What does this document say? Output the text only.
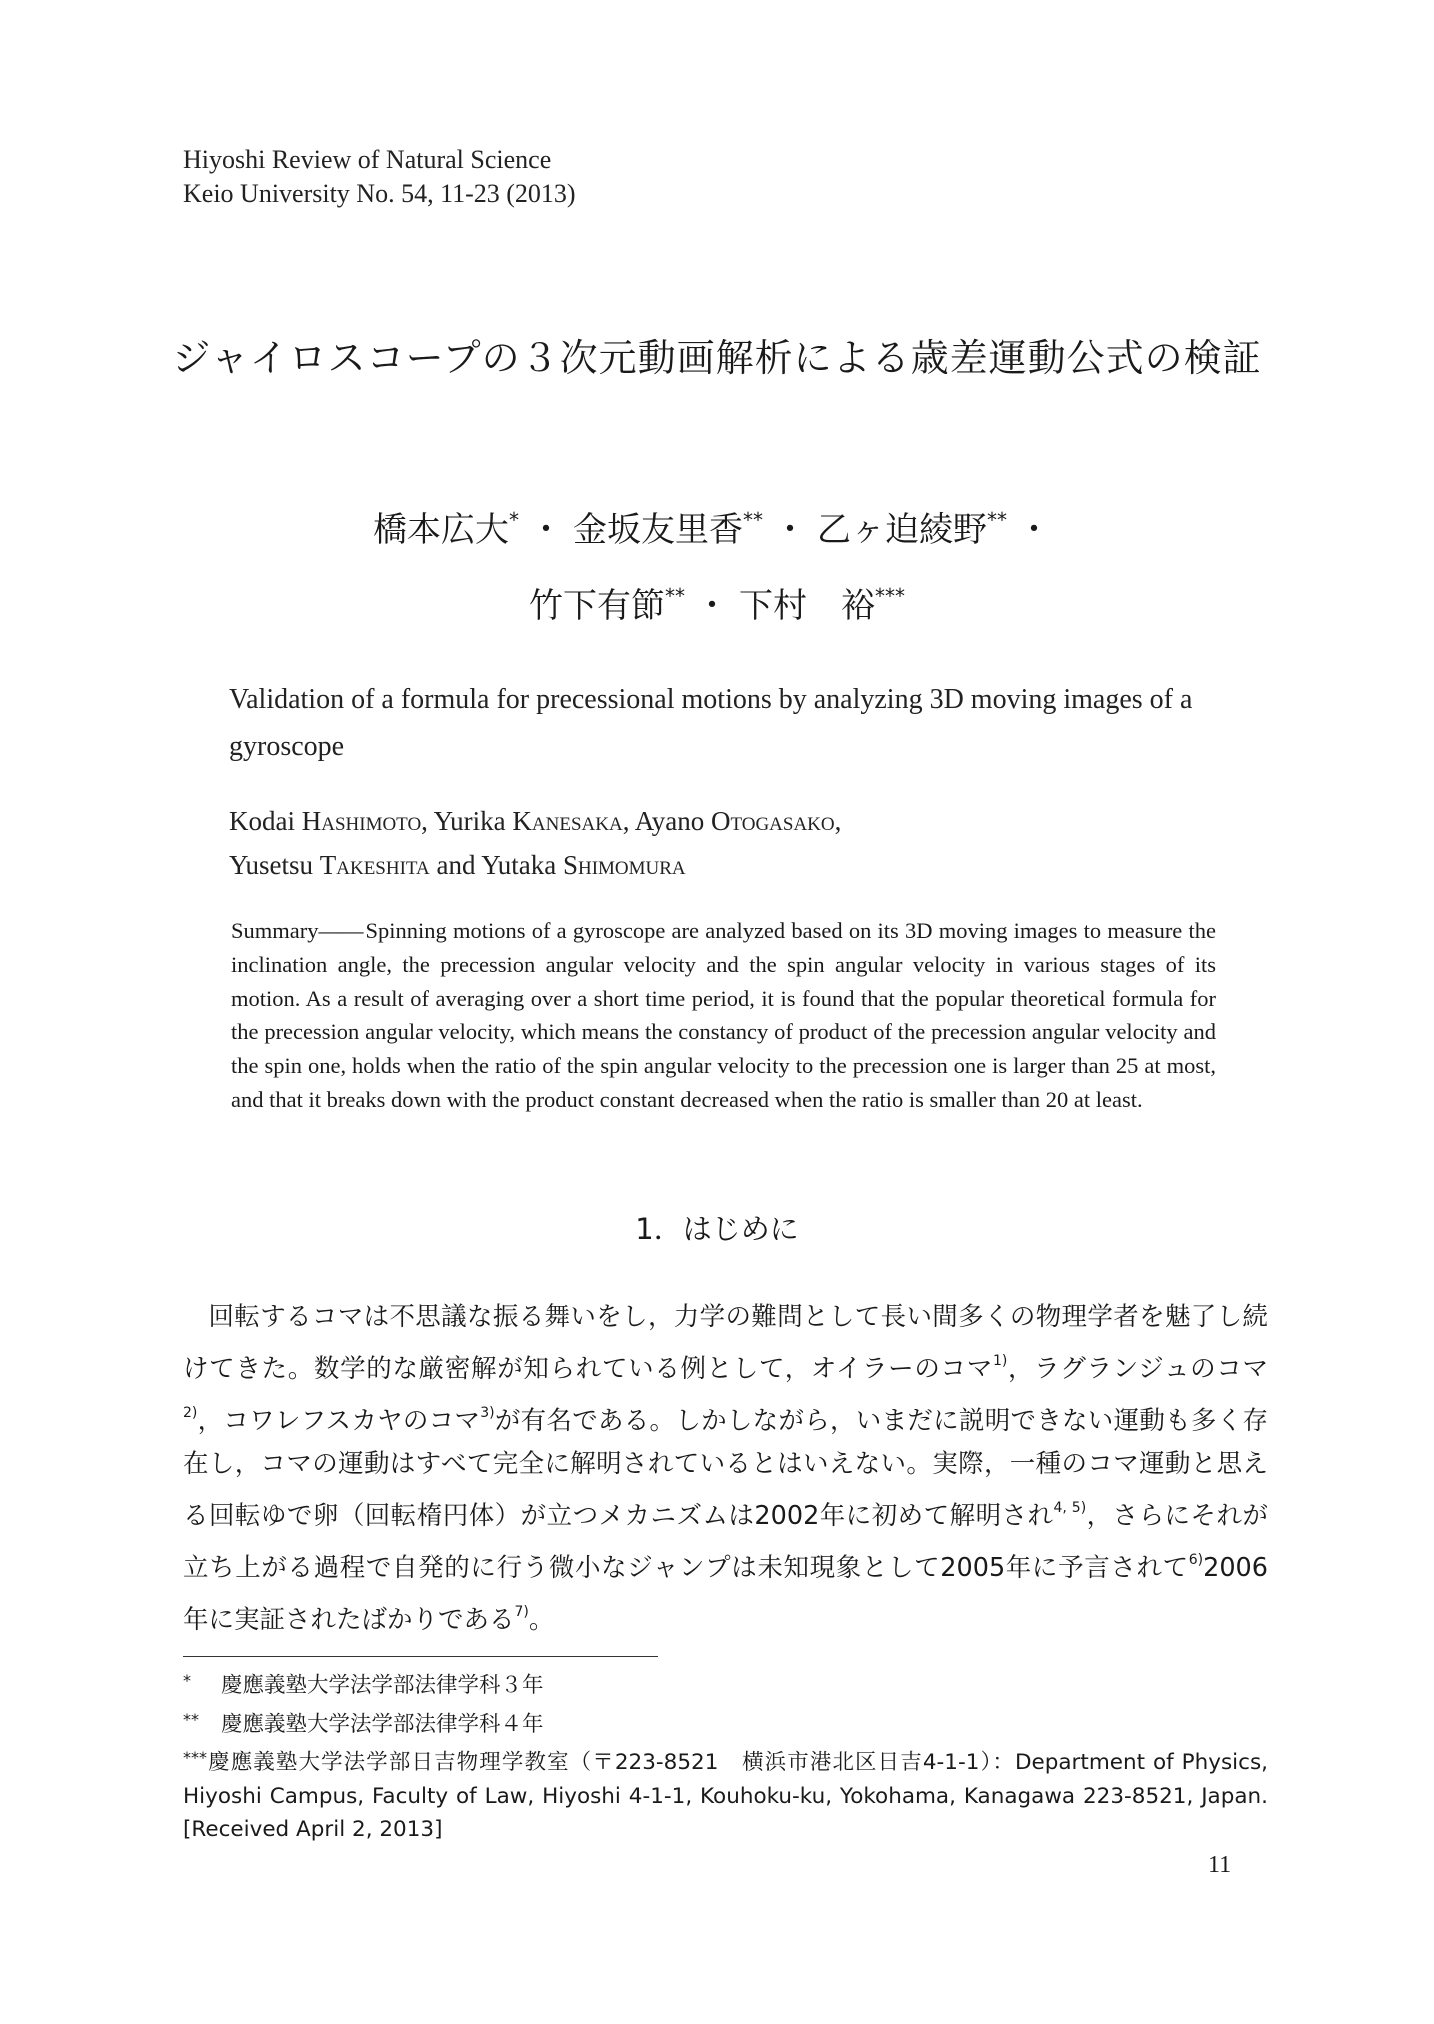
Hiyoshi Review of Natural Science
Keio University No. 54, 11-23 (2013)
ジャイロスコープの３次元動画解析による歳差運動公式の検証
橋本広大* ・ 金坂友里香** ・ 乙ヶ迫綾野** ・
竹下有節** ・ 下村　裕***
Validation of a formula for precessional motions by analyzing 3D moving images of a gyroscope
Kodai Hashimoto, Yurika Kanesaka, Ayano Otogasako,
Yusetsu Takeshita and Yutaka Shimomura
Summary――Spinning motions of a gyroscope are analyzed based on its 3D moving images to measure the inclination angle, the precession angular velocity and the spin angular velocity in various stages of its motion. As a result of averaging over a short time period, it is found that the popular theoretical formula for the precession angular velocity, which means the constancy of product of the precession angular velocity and the spin one, holds when the ratio of the spin angular velocity to the precession one is larger than 25 at most, and that it breaks down with the product constant decreased when the ratio is smaller than 20 at least.
1．はじめに

回転するコマは不思議な振る舞いをし，力学の難問として長い間多くの物理学者を魅了し続けてきた。数学的な厳密解が知られている例として，オイラーのコマ$^{1)}$，ラグランジュのコマ$^{2)}$，コワレフスカヤのコマ$^{3)}$が有名である。しかしながら，いまだに説明できない運動も多く存在し，コマの運動はすべて完全に解明されているとはいえない。実際，一種のコマ運動と思える回転ゆで卵（回転楕円体）が立つメカニズムは2002年に初めて解明され$^{4, 5)}$，さらにそれが立ち上がる過程で自発的に行う微小なジャンプは未知現象として2005年に予言されて$^{6)}$2006年に実証されたばかりである$^{7)}$。

* 慶應義塾大学法学部法律学科３年
** 慶應義塾大学法学部法律学科４年
***慶應義塾大学法学部日吉物理学教室（〒223-8521　横浜市港北区日吉4-1-1）：Department of Physics, Hiyoshi Campus, Faculty of Law, Hiyoshi 4-1-1, Kouhoku-ku, Yokohama, Kanagawa 223-8521, Japan. [Received April 2, 2013]
11
